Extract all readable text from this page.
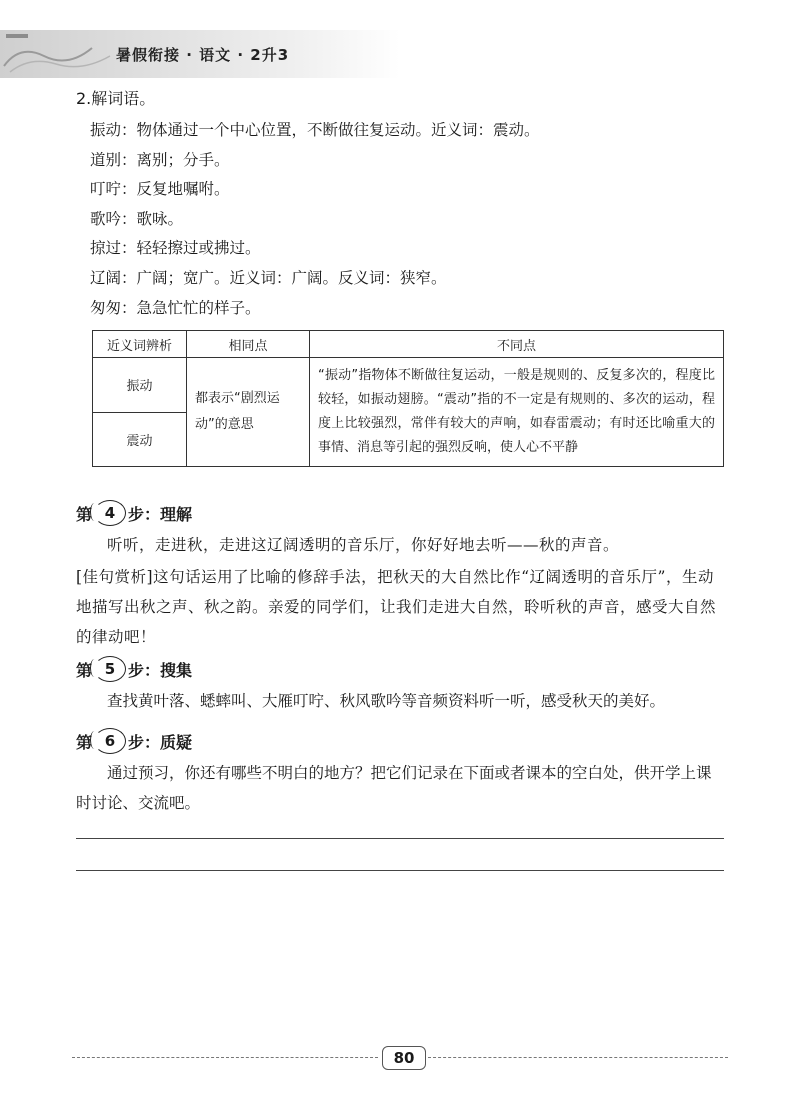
暑假衔接 · 语文 · 2升3
2.解词语。
振动：物体通过一个中心位置，不断做往复运动。近义词：震动。
道别：离别；分手。
叮咛：反复地嘱咐。
歌吟：歌咏。
掠过：轻轻擦过或拂过。
辽阔：广阔；宽广。近义词：广阔。反义词：狭窄。
匆匆：急急忙忙的样子。
近义词辨析	相同点	不同点
振动	都表示“剧烈运动”的意思	“振动”指物体不断做往复运动，一般是规则的、反复多次的，程度比较轻，如振动翅膀。“震动”指的不一定是有规则的、多次的运动，程度上比较强烈，常伴有较大的声响，如春雷震动；有时还比喻重大的事情、消息等引起的强烈反响，使人心不平静
震动		
第 4 步：理解
听听，走进秋，走进这辽阔透明的音乐厅，你好好地去听——秋的声音。
[佳句赏析]这句话运用了比喻的修辞手法，把秋天的大自然比作“辽阔透明的音乐厅”，生动地描写出秋之声、秋之韵。亲爱的同学们，让我们走进大自然，聆听秋的声音，感受大自然的律动吧！
第 5 步：搜集
查找黄叶落、蟋蟀叫、大雁叮咛、秋风歌吟等音频资料听一听，感受秋天的美好。
第 6 步：质疑
通过预习，你还有哪些不明白的地方？把它们记录在下面或者课本的空白处，供开学上课时讨论、交流吧。
80
